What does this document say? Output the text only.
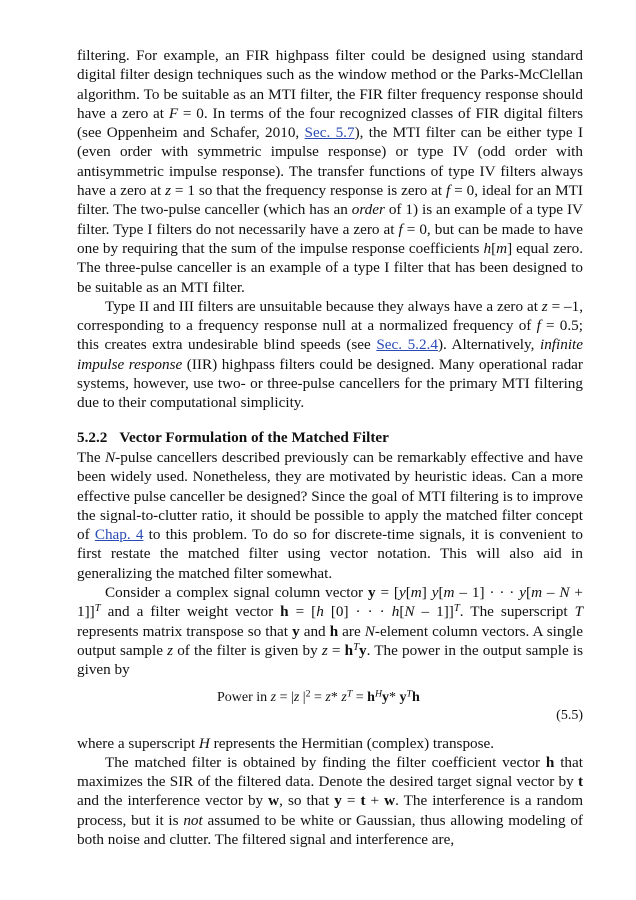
filtering. For example, an FIR highpass filter could be designed using standard digital filter design techniques such as the window method or the Parks-McClellan algorithm. To be suitable as an MTI filter, the FIR filter frequency response should have a zero at F = 0. In terms of the four recognized classes of FIR digital filters (see Oppenheim and Schafer, 2010, Sec. 5.7), the MTI filter can be either type I (even order with symmetric impulse response) or type IV (odd order with antisymmetric impulse response). The transfer functions of type IV filters always have a zero at z = 1 so that the frequency response is zero at f = 0, ideal for an MTI filter. The two-pulse canceller (which has an order of 1) is an example of a type IV filter. Type I filters do not necessarily have a zero at f = 0, but can be made to have one by requiring that the sum of the impulse response coefficients h[m] equal zero. The three-pulse canceller is an example of a type I filter that has been designed to be suitable as an MTI filter.

Type II and III filters are unsuitable because they always have a zero at z = –1, corresponding to a frequency response null at a normalized frequency of f = 0.5; this creates extra undesirable blind speeds (see Sec. 5.2.4). Alternatively, infinite impulse response (IIR) highpass filters could be designed. Many operational radar systems, however, use two- or three-pulse cancellers for the primary MTI filtering due to their computational simplicity.

5.2.2 Vector Formulation of the Matched Filter

The N-pulse cancellers described previously can be remarkably effective and have been widely used. Nonetheless, they are motivated by heuristic ideas. Can a more effective pulse canceller be designed? Since the goal of MTI filtering is to improve the signal-to-clutter ratio, it should be possible to apply the matched filter concept of Chap. 4 to this problem. To do so for discrete-time signals, it is convenient to first restate the matched filter using vector notation. This will also aid in generalizing the matched filter somewhat.

Consider a complex signal column vector y = [y[m] y[m – 1] · · · y[m – N + 1]]$^T$ and a filter weight vector h = [h [0] · · · h[N – 1]]$^T$. The superscript T represents matrix transpose so that y and h are N-element column vectors. A single output sample z of the filter is given by $z = h^Ty$. The power in the output sample is given by

Power in z = |z $|^2 = z*$ $z^T = h^Hy*$ $y^Th$
(5.5)

where a superscript H represents the Hermitian (complex) transpose.

The matched filter is obtained by finding the filter coefficient vector h that maximizes the SIR of the filtered data. Denote the desired target signal vector by t and the interference vector by w, so that y = t + w. The interference is a random process, but it is not assumed to be white or Gaussian, thus allowing modeling of both noise and clutter. The filtered signal and interference are,
